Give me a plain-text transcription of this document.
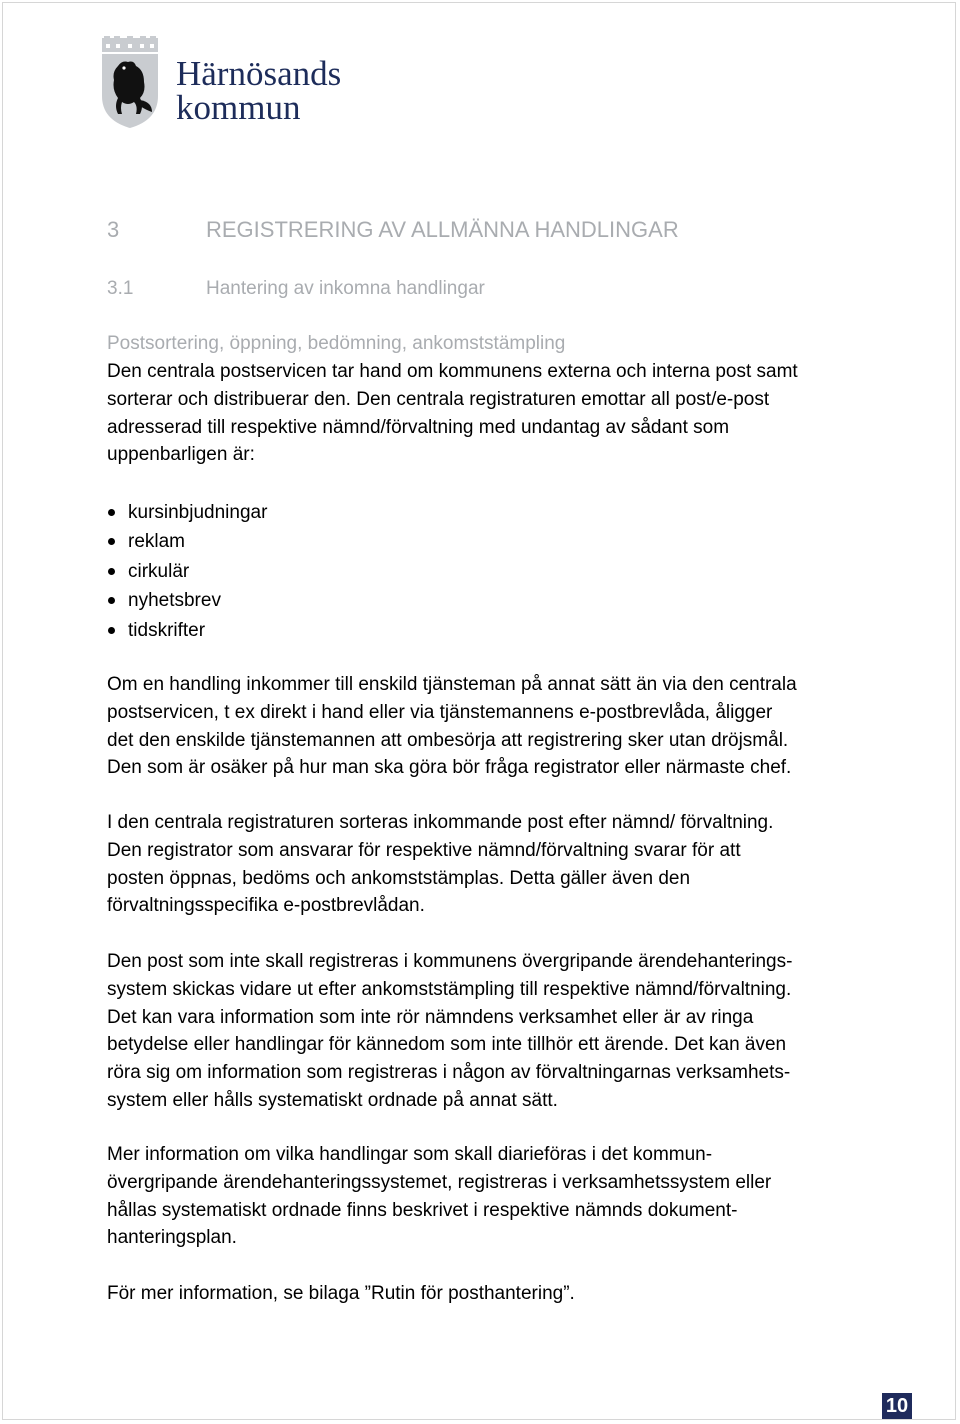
Härnösands
kommun
3	REGISTRERING AV ALLMÄNNA HANDLINGAR
3.1	Hantering av inkomna handlingar
Postsortering, öppning, bedömning, ankomststämpling
Den centrala postservicen tar hand om kommunens externa och interna post samt
sorterar och distribuerar den. Den centrala registraturen emottar all post/e-post
adresserad till respektive nämnd/förvaltning med undantag av sådant som
uppenbarligen är:
kursinbjudningar
reklam
cirkulär
nyhetsbrev
tidskrifter
Om en handling inkommer till enskild tjänsteman på annat sätt än via den centrala
postservicen, t ex direkt i hand eller via tjänstemannens e-postbrevlåda, åligger
det den enskilde tjänstemannen att ombesörja att registrering sker utan dröjsmål.
Den som är osäker på hur man ska göra bör fråga registrator eller närmaste chef.
I den centrala registraturen sorteras inkommande post efter nämnd/ förvaltning.
Den registrator som ansvarar för respektive nämnd/förvaltning svarar för att
posten öppnas, bedöms och ankomststämplas. Detta gäller även den
förvaltningsspecifika e-postbrevlådan.
Den post som inte skall registreras i kommunens övergripande ärendehanterings-
system skickas vidare ut efter ankomststämpling till respektive nämnd/förvaltning.
Det kan vara information som inte rör nämndens verksamhet eller är av ringa
betydelse eller handlingar för kännedom som inte tillhör ett ärende. Det kan även
röra sig om information som registreras i någon av förvaltningarnas verksamhets-
system eller hålls systematiskt ordnade på annat sätt.
Mer information om vilka handlingar som skall diarieföras i det kommun-
övergripande ärendehanteringssystemet, registreras i verksamhetssystem eller
hållas systematiskt ordnade finns beskrivet i respektive nämnds dokument-
hanteringsplan.
För mer information, se bilaga ”Rutin för posthantering”.
10
